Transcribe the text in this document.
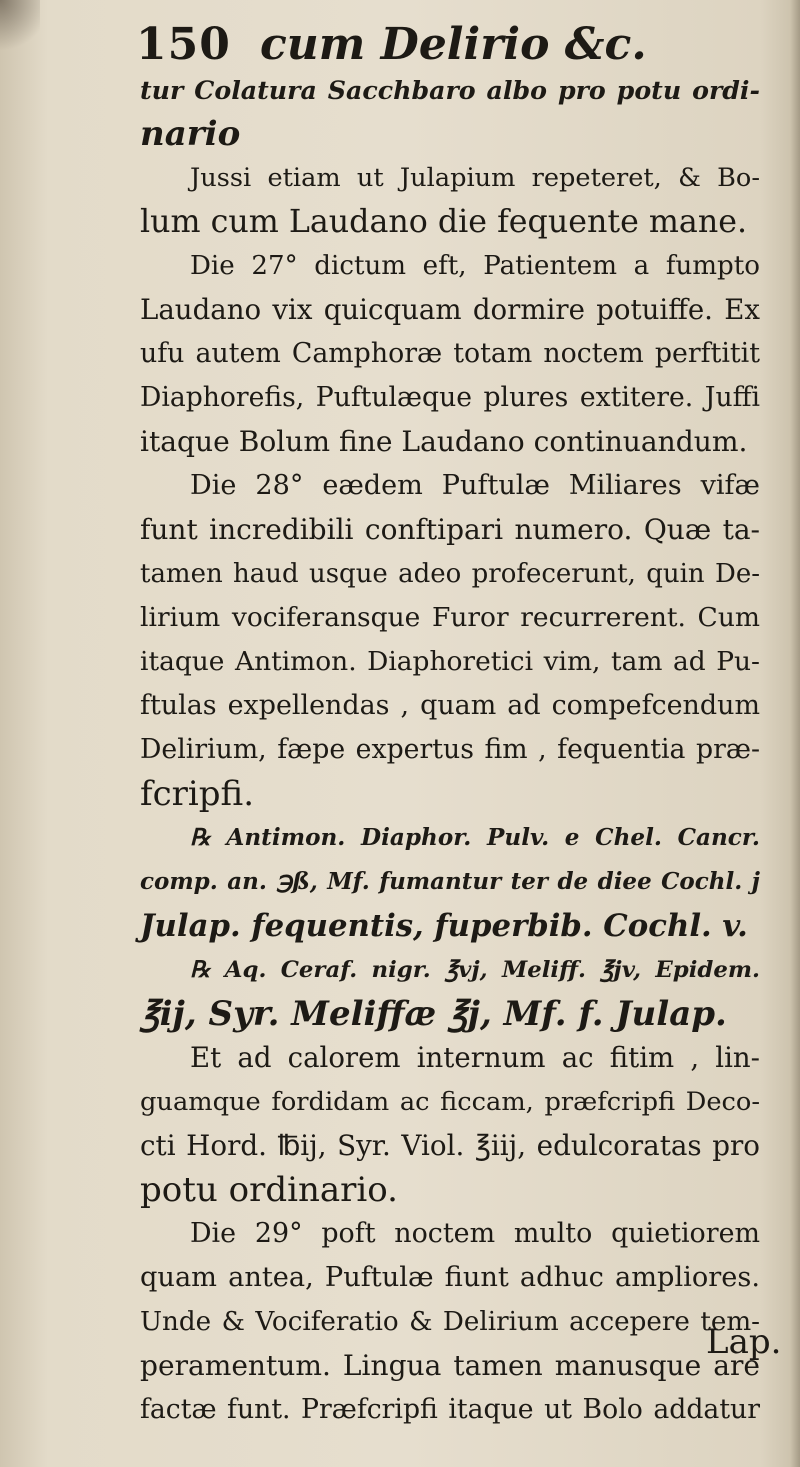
150 cum Delirio &c.
tur Colatura Sacchbaro albo pro potu ordi-
nario
Jussi etiam ut Julapium repeteret, & Bo-
lum cum Laudano die fequente mane.
Die 27° dictum eft, Patientem a fumpto
Laudano vix quicquam dormire potuiffe. Ex
ufu autem Camphoræ totam noctem perftitit
Diaphorefis, Puftulæque plures extitere. Juffi
itaque Bolum fine Laudano continuandum.
Die 28° eædem Puftulæ Miliares vifæ
funt incredibili conftipari numero. Quæ ta-
tamen haud usque adeo profecerunt, quin De-
lirium vociferansque Furor recurrerent. Cum
itaque Antimon. Diaphoretici vim, tam ad Pu-
ftulas expellendas , quam ad compefcendum
Delirium, fæpe expertus fim , fequentia præ-
fcripfi.
℞ Antimon. Diaphor. Pulv. e Chel. Cancr.
comp. an. ℈ß, Mf. fumantur ter de diee Cochl. j
Julap. fequentis, fuperbib. Cochl. v.
℞ Aq. Ceraf. nigr. ℥vj, Meliff. ℥jv, Epidem.
℥ij, Syr. Meliffæ ℥j, Mf. f. Julap.
Et ad calorem internum ac fitim , lin-
guamque fordidam ac ficcam, præfcripfi Deco-
cti Hord. ℔ij, Syr. Viol. ℥iij, edulcoratas pro
potu ordinario.
Die 29° poft noctem multo quietiorem
quam antea, Puftulæ fiunt adhuc ampliores.
Unde & Vociferatio & Delirium accepere tem-
peramentum. Lingua tamen manusque are
factæ funt. Præfcripfi itaque ut Bolo addatur
Lap.
